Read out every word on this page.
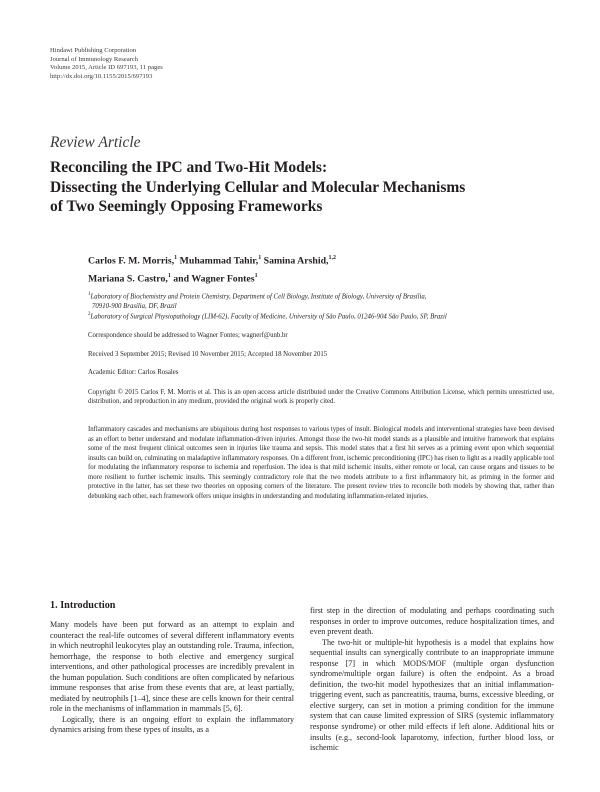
Hindawi Publishing Corporation
Journal of Immunology Research
Volume 2015, Article ID 697193, 11 pages
http://dx.doi.org/10.1155/2015/697193
Review Article
Reconciling the IPC and Two-Hit Models:
Dissecting the Underlying Cellular and Molecular Mechanisms
of Two Seemingly Opposing Frameworks
Carlos F. M. Morris,$^1$ Muhammad Tahir,$^1$ Samina Arshid,$^{1,2}$
Mariana S. Castro,$^1$ and Wagner Fontes$^1$
$^1$Laboratory of Biochemistry and Protein Chemistry, Department of Cell Biology, Institute of Biology, University of Brasília,
70910-900 Brasília, DF, Brazil
$^2$Laboratory of Surgical Physiopathology (LIM-62), Faculty of Medicine, University of São Paulo, 01246-904 São Paulo, SP, Brazil
Correspondence should be addressed to Wagner Fontes; wagnerf@unb.br
Received 3 September 2015; Revised 10 November 2015; Accepted 18 November 2015
Academic Editor: Carlos Rosales
Copyright © 2015 Carlos F. M. Morris et al. This is an open access article distributed under the Creative Commons Attribution License, which permits unrestricted use, distribution, and reproduction in any medium, provided the original work is properly cited.
Inflammatory cascades and mechanisms are ubiquitous during host responses to various types of insult. Biological models and interventional strategies have been devised as an effort to better understand and modulate inflammation-driven injuries. Amongst those the two-hit model stands as a plausible and intuitive framework that explains some of the most frequent clinical outcomes seen in injuries like trauma and sepsis. This model states that a first hit serves as a priming event upon which sequential insults can build on, culminating on maladaptive inflammatory responses. On a different front, ischemic preconditioning (IPC) has risen to light as a readily applicable tool for modulating the inflammatory response to ischemia and reperfusion. The idea is that mild ischemic insults, either remote or local, can cause organs and tissues to be more resilient to further ischemic insults. This seemingly contradictory role that the two models attribute to a first inflammatory hit, as priming in the former and protective in the latter, has set these two theories on opposing corners of the literature. The present review tries to reconcile both models by showing that, rather than debunking each other, each framework offers unique insights in understanding and modulating inflammation-related injuries.
1. Introduction

Many models have been put forward as an attempt to explain and counteract the real-life outcomes of several different inflammatory events in which neutrophil leukocytes play an outstanding role. Trauma, infection, hemorrhage, the response to both elective and emergency surgical interventions, and other pathological processes are incredibly prevalent in the human population. Such conditions are often complicated by nefarious immune responses that arise from these events that are, at least partially, mediated by neutrophils [1–4], since these are cells known for their central role in the mechanisms of inflammation in mammals [5, 6].

Logically, there is an ongoing effort to explain the inflammatory dynamics arising from these types of insults, as a

first step in the direction of modulating and perhaps coordinating such responses in order to improve outcomes, reduce hospitalization times, and even prevent death.

The two-hit or multiple-hit hypothesis is a model that explains how sequential insults can synergically contribute to an inappropriate immune response [7] in which MODS/MOF (multiple organ dysfunction syndrome/multiple organ failure) is often the endpoint. As a broad definition, the two-hit model hypothesizes that an initial inflammation-triggering event, such as pancreatitis, trauma, burns, excessive bleeding, or elective surgery, can set in motion a priming condition for the immune system that can cause limited expression of SIRS (systemic inflammatory response syndrome) or other mild effects if left alone. Additional hits or insults (e.g., second-look laparotomy, infection, further blood loss, or ischemic
